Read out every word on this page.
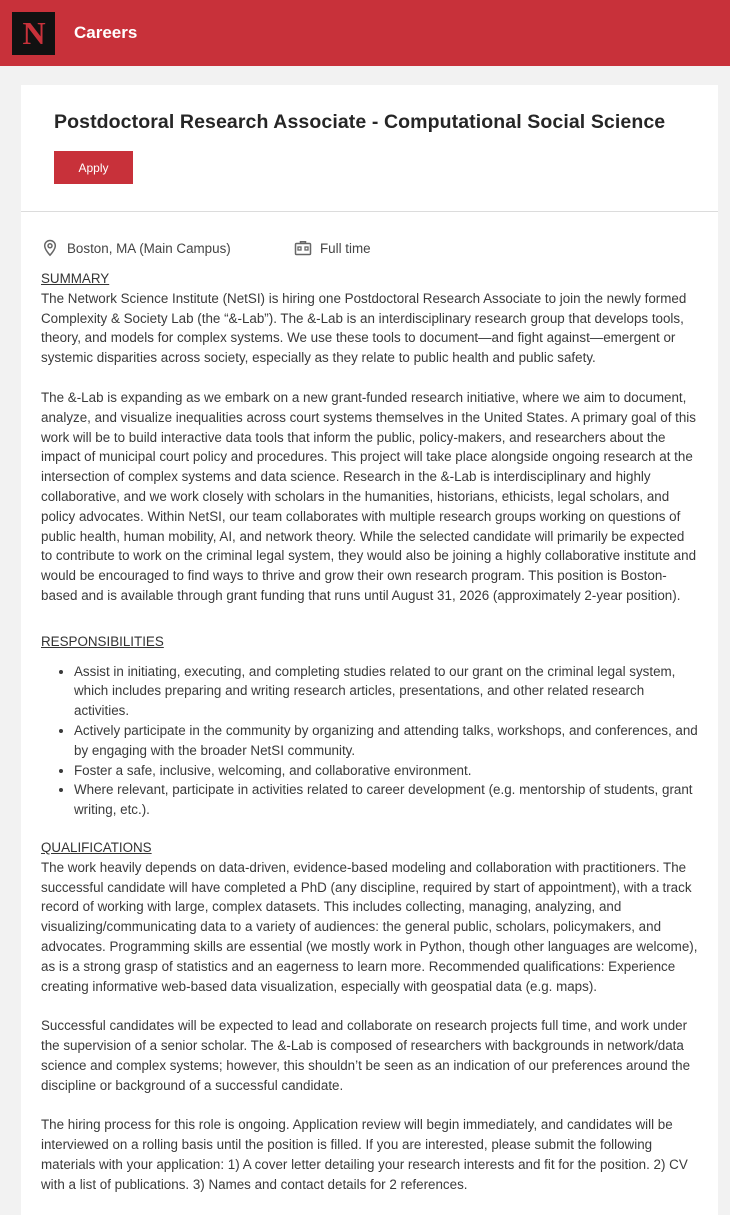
N Careers
Postdoctoral Research Associate - Computational Social Science
Apply
Boston, MA (Main Campus)	Full time
SUMMARY

The Network Science Institute (NetSI) is hiring one Postdoctoral Research Associate to join the newly formed Complexity & Society Lab (the “&-Lab”). The &-Lab is an interdisciplinary research group that develops tools, theory, and models for complex systems. We use these tools to document—and fight against—emergent or systemic disparities across society, especially as they relate to public health and public safety.

The &-Lab is expanding as we embark on a new grant-funded research initiative, where we aim to document, analyze, and visualize inequalities across court systems themselves in the United States. A primary goal of this work will be to build interactive data tools that inform the public, policy-makers, and researchers about the impact of municipal court policy and procedures. This project will take place alongside ongoing research at the intersection of complex systems and data science. Research in the &-Lab is interdisciplinary and highly collaborative, and we work closely with scholars in the humanities, historians, ethicists, legal scholars, and policy advocates. Within NetSI, our team collaborates with multiple research groups working on questions of public health, human mobility, AI, and network theory. While the selected candidate will primarily be expected to contribute to work on the criminal legal system, they would also be joining a highly collaborative institute and would be encouraged to find ways to thrive and grow their own research program. This position is Boston-based and is available through grant funding that runs until August 31, 2026 (approximately 2-year position).

RESPONSIBILITIES
• Assist in initiating, executing, and completing studies related to our grant on the criminal legal system, which includes preparing and writing research articles, presentations, and other related research activities.
• Actively participate in the community by organizing and attending talks, workshops, and conferences, and by engaging with the broader NetSI community.
• Foster a safe, inclusive, welcoming, and collaborative environment.
• Where relevant, participate in activities related to career development (e.g. mentorship of students, grant writing, etc.).
QUALIFICATIONS

The work heavily depends on data-driven, evidence-based modeling and collaboration with practitioners. The successful candidate will have completed a PhD (any discipline, required by start of appointment), with a track record of working with large, complex datasets. This includes collecting, managing, analyzing, and visualizing/communicating data to a variety of audiences: the general public, scholars, policymakers, and advocates. Programming skills are essential (we mostly work in Python, though other languages are welcome), as is a strong grasp of statistics and an eagerness to learn more. Recommended qualifications: Experience creating informative web-based data visualization, especially with geospatial data (e.g. maps).

Successful candidates will be expected to lead and collaborate on research projects full time, and work under the supervision of a senior scholar. The &-Lab is composed of researchers with backgrounds in network/data science and complex systems; however, this shouldn’t be seen as an indication of our preferences around the discipline or background of a successful candidate.

The hiring process for this role is ongoing. Application review will begin immediately, and candidates will be interviewed on a rolling basis until the position is filled. If you are interested, please submit the following materials with your application: 1) A cover letter detailing your research interests and fit for the position. 2) CV with a list of publications. 3) Names and contact details for 2 references.
